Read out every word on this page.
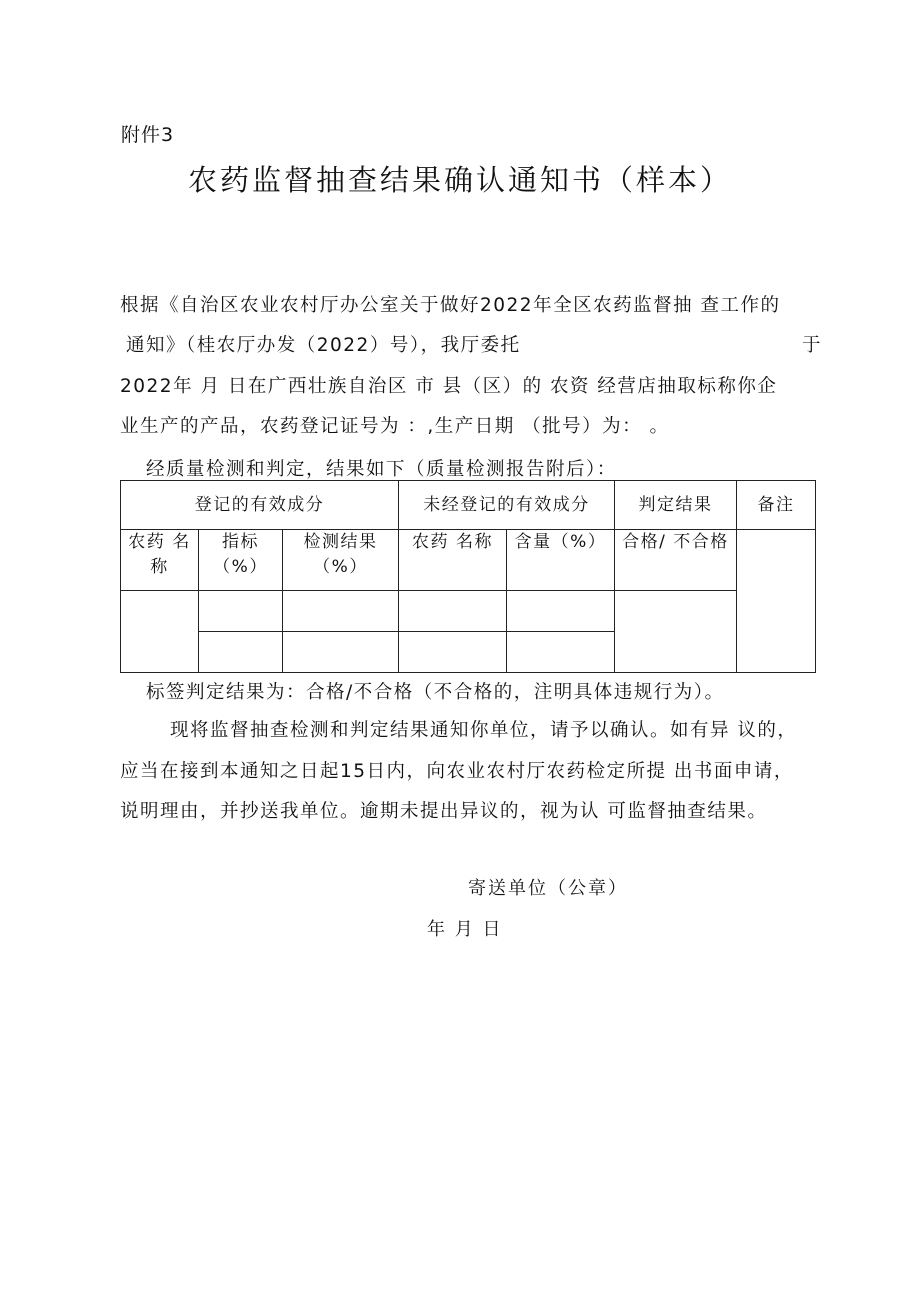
附件3
农药监督抽查结果确认通知书（样本）
根据《自治区农业农村厅办公室关于做好2022年全区农药监督抽 查工作的
通知》（桂农厅办发（2022）号），我厅委托	于
2022年 月 日在广西壮族自治区 市 县（区）的 农资 经营店抽取标称你企
业生产的产品，农药登记证号为 ：,生产日期 （批号）为： 。
经质量检测和判定，结果如下（质量检测报告附后）：
登记的有效成分			未经登记的有效成分		判定结果	备注
农药 名称	指标（%）	检测结果（%）	农药 名称	含量（%）	合格/ 不合格	

标签判定结果为：合格/不合格（不合格的，注明具体违规行为）。
现将监督抽查检测和判定结果通知你单位，请予以确认。如有异 议的，
应当在接到本通知之日起15日内，向农业农村厅农药检定所提 出书面申请，
说明理由，并抄送我单位。逾期未提出异议的，视为认 可监督抽查结果。
寄送单位（公章）
年 月 日
